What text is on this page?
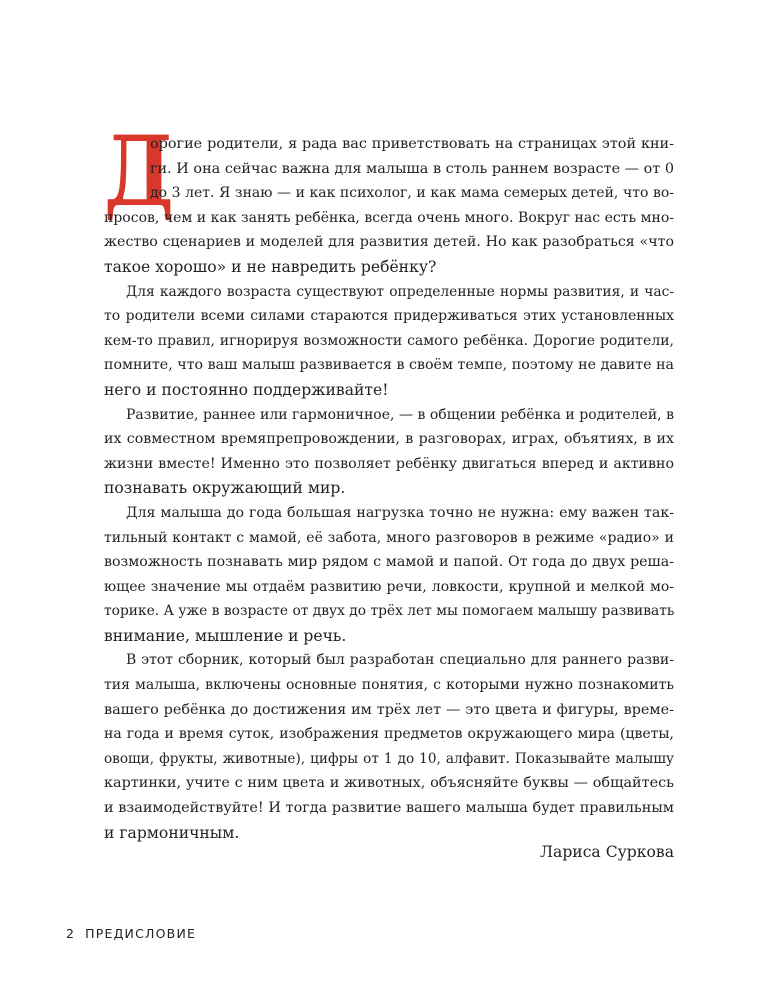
Д
орогие родители, я рада вас приветствовать на страницах этой кни-
ги. И она сейчас важна для малыша в столь раннем возрасте — от 0
до 3 лет. Я знаю — и как психолог, и как мама семерых детей, что во-
просов, чем и как занять ребёнка, всегда очень много. Вокруг нас есть мно-
жество сценариев и моделей для развития детей. Но как разобраться «что
такое хорошо» и не навредить ребёнку?
Для каждого возраста существуют определенные нормы развития, и час-
то родители всеми силами стараются придерживаться этих установленных
кем-то правил, игнорируя возможности самого ребёнка. Дорогие родители,
помните, что ваш малыш развивается в своём темпе, поэтому не давите на
него и постоянно поддерживайте!
Развитие, раннее или гармоничное, — в общении ребёнка и родителей, в
их совместном времяпрепровождении, в разговорах, играх, объятиях, в их
жизни вместе! Именно это позволяет ребёнку двигаться вперед и активно
познавать окружающий мир.
Для малыша до года большая нагрузка точно не нужна: ему важен так-
тильный контакт с мамой, её забота, много разговоров в режиме «радио» и
возможность познавать мир рядом с мамой и папой. От года до двух реша-
ющее значение мы отдаём развитию речи, ловкости, крупной и мелкой мо-
торике. А уже в возрасте от двух до трёх лет мы помогаем малышу развивать
внимание, мышление и речь.
В этот сборник, который был разработан специально для раннего разви-
тия малыша, включены основные понятия, с которыми нужно познакомить
вашего ребёнка до достижения им трёх лет — это цвета и фигуры, време-
на года и время суток, изображения предметов окружающего мира (цветы,
овощи, фрукты, животные), цифры от 1 до 10, алфавит. Показывайте малышу
картинки, учите с ним цвета и животных, объясняйте буквы — общайтесь
и взаимодействуйте! И тогда развитие вашего малыша будет правильным
и гармоничным.
Лариса Суркова
2 ПРЕДИСЛОВИЕ
